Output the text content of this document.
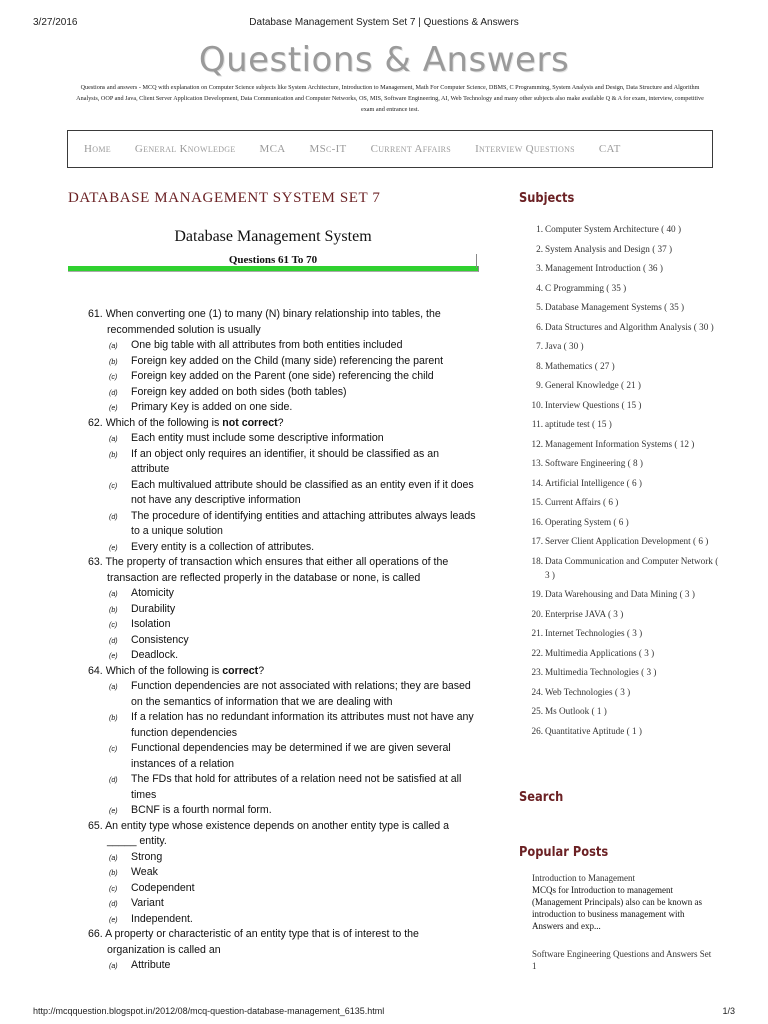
3/27/2016	Database Management System Set 7 | Questions & Answers
Questions & Answers
Questions and answers - MCQ with explanation on Computer Science subjects like System Architecture, Introduction to Management, Math For Computer Science, DBMS, C Programming, System Analysis and Design, Data Structure and Algorithm Analysis, OOP and Java, Client Server Application Development, Data Communication and Computer Networks, OS, MIS, Software Engineering, AI, Web Technology and many other subjects also make available Q & A for exam, interview, competitive exam and entrance test.
Home General Knowledge MCA MSc-IT Current Affairs Interview Questions CAT
DATABASE MANAGEMENT SYSTEM SET 7
Database Management System
Questions 61 To 70
61. When converting one (1) to many (N) binary relationship into tables, the recommended solution is usually
(a) One big table with all attributes from both entities included
(b) Foreign key added on the Child (many side) referencing the parent
(c) Foreign key added on the Parent (one side) referencing the child
(d) Foreign key added on both sides (both tables)
(e) Primary Key is added on one side.
62. Which of the following is not correct?
(a) Each entity must include some descriptive information
(b) If an object only requires an identifier, it should be classified as an attribute
(c) Each multivalued attribute should be classified as an entity even if it does not have any descriptive information
(d) The procedure of identifying entities and attaching attributes always leads to a unique solution
(e) Every entity is a collection of attributes.
63. The property of transaction which ensures that either all operations of the transaction are reflected properly in the database or none, is called
(a) Atomicity
(b) Durability
(c) Isolation
(d) Consistency
(e) Deadlock.
64. Which of the following is correct?
(a) Function dependencies are not associated with relations; they are based on the semantics of information that we are dealing with
(b) If a relation has no redundant information its attributes must not have any function dependencies
(c) Functional dependencies may be determined if we are given several instances of a relation
(d) The FDs that hold for attributes of a relation need not be satisfied at all times
(e) BCNF is a fourth normal form.
65. An entity type whose existence depends on another entity type is called a _____ entity.
(a) Strong
(b) Weak
(c) Codependent
(d) Variant
(e) Independent.
66. A property or characteristic of an entity type that is of interest to the organization is called an
(a) Attribute
Subjects
1. Computer System Architecture ( 40 )
2. System Analysis and Design ( 37 )
3. Management Introduction ( 36 )
4. C Programming ( 35 )
5. Database Management Systems ( 35 )
6. Data Structures and Algorithm Analysis ( 30 )
7. Java ( 30 )
8. Mathematics ( 27 )
9. General Knowledge ( 21 )
10. Interview Questions ( 15 )
11. aptitude test ( 15 )
12. Management Information Systems ( 12 )
13. Software Engineering ( 8 )
14. Artificial Intelligence ( 6 )
15. Current Affairs ( 6 )
16. Operating System ( 6 )
17. Server Client Application Development ( 6 )
18. Data Communication and Computer Network ( 3 )
19. Data Warehousing and Data Mining ( 3 )
20. Enterprise JAVA ( 3 )
21. Internet Technologies ( 3 )
22. Multimedia Applications ( 3 )
23. Multimedia Technologies ( 3 )
24. Web Technologies ( 3 )
25. Ms Outlook ( 1 )
26. Quantitative Aptitude ( 1 )
Search
Popular Posts
Introduction to Management
MCQs for Introduction to management (Management Principals) also can be known as introduction to business management with Answers and exp...
Software Engineering Questions and Answers Set 1
http://mcqquestion.blogspot.in/2012/08/mcq-question-database-management_6135.html	1/3
